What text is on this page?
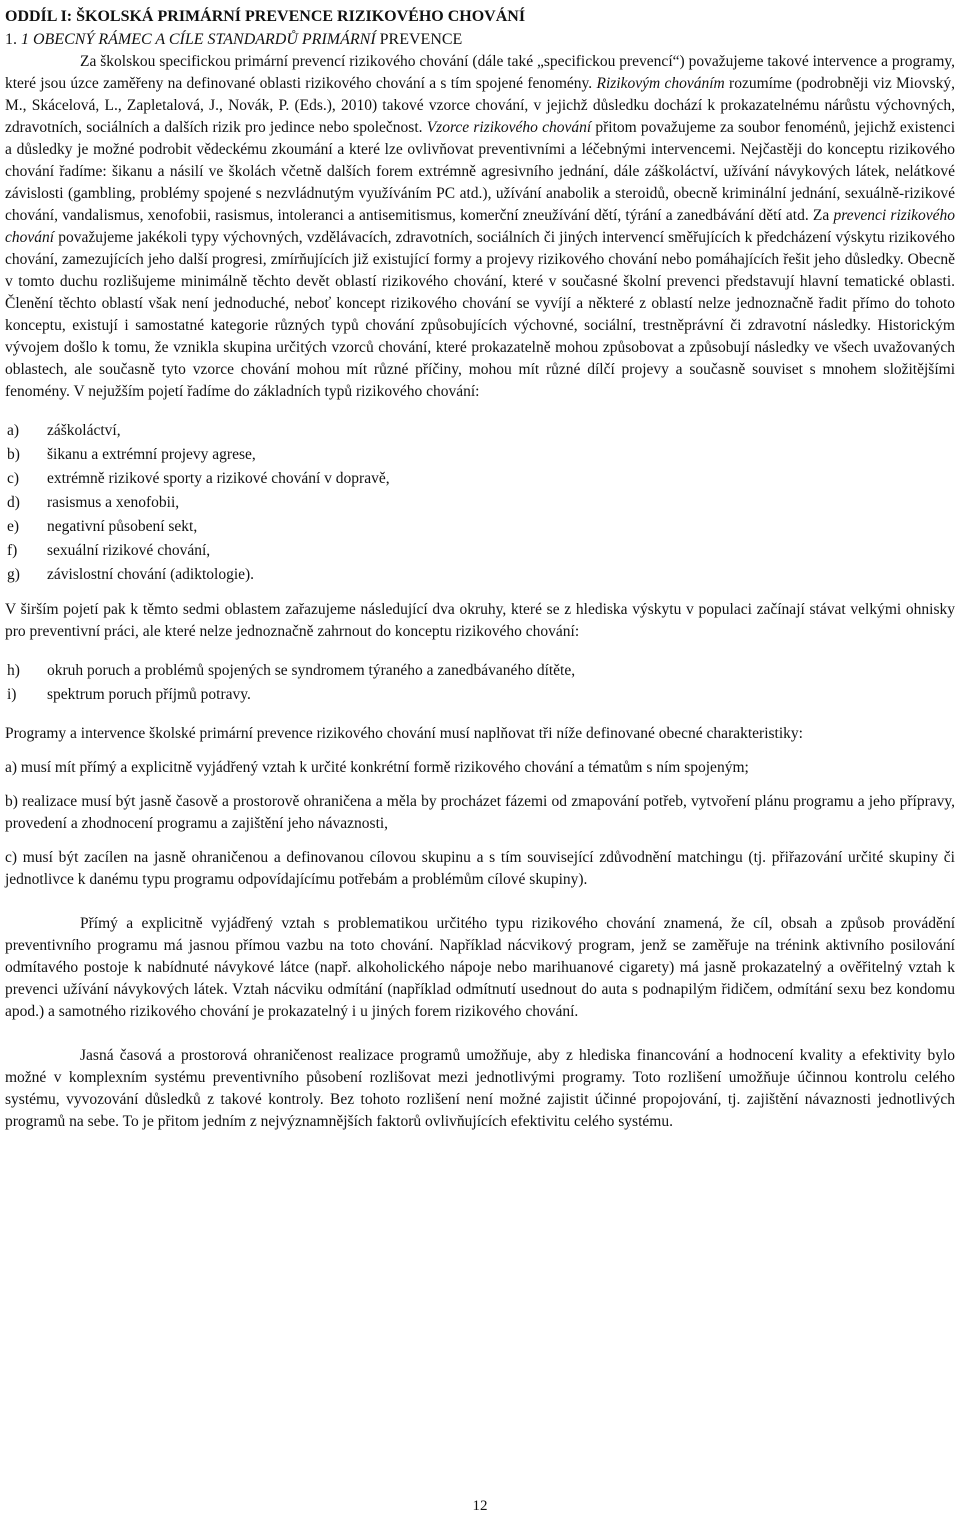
ODDÍL I: ŠKOLSKÁ PRIMÁRNÍ PREVENCE RIZIKOVÉHO CHOVÁNÍ
1. 1 OBECNÝ RÁMEC A CÍLE STANDARDŮ PRIMÁRNÍ PREVENCE

Za školskou specifickou primární prevencí rizikového chování (dále také „specifickou prevencí“) považujeme takové intervence a programy, které jsou úzce zaměřeny na definované oblasti rizikového chování a s tím spojené fenomény. Rizikovým chováním rozumíme (podrobněji viz Miovský, M., Skácelová, L., Zapletalová, J., Novák, P. (Eds.), 2010) takové vzorce chování, v jejichž důsledku dochází k prokazatelnému nárůstu výchovných, zdravotních, sociálních a dalších rizik pro jedince nebo společnost. Vzorce rizikového chování přitom považujeme za soubor fenoménů, jejichž existenci a důsledky je možné podrobit vědeckému zkoumání a které lze ovlivňovat preventivními a léčebnými intervencemi. Nejčastěji do konceptu rizikového chování řadíme: šikanu a násilí ve školách včetně dalších forem extrémně agresivního jednání, dále záškoláctví, užívání návykových látek, nelátkové závislosti (gambling, problémy spojené s nezvládnutým využíváním PC atd.), užívání anabolik a steroidů, obecně kriminální jednání, sexuálně-rizikové chování, vandalismus, xenofobii, rasismus, intoleranci a antisemitismus, komerční zneužívání dětí, týrání a zanedbávání dětí atd. Za prevenci rizikového chování považujeme jakékoli typy výchovných, vzdělávacích, zdravotních, sociálních či jiných intervencí směřujících k předcházení výskytu rizikového chování, zamezujících jeho další progresi, zmírňujících již existující formy a projevy rizikového chování nebo pomáhajících řešit jeho důsledky. Obecně v tomto duchu rozlišujeme minimálně těchto devět oblastí rizikového chování, které v současné školní prevenci představují hlavní tematické oblasti. Členění těchto oblastí však není jednoduché, neboť koncept rizikového chování se vyvíjí a některé z oblastí nelze jednoznačně řadit přímo do tohoto konceptu, existují i samostatné kategorie různých typů chování způsobujících výchovné, sociální, trestněprávní či zdravotní následky. Historickým vývojem došlo k tomu, že vznikla skupina určitých vzorců chování, které prokazatelně mohou způsobovat a způsobují následky ve všech uvažovaných oblastech, ale současně tyto vzorce chování mohou mít různé příčiny, mohou mít různé dílčí projevy a současně souviset s mnohem složitějšími fenomény. V nejužším pojetí řadíme do základních typů rizikového chování:

a)	záškoláctví,
b)	šikanu a extrémní projevy agrese,
c)	extrémně rizikové sporty a rizikové chování v dopravě,
d)	rasismus a xenofobii,
e)	negativní působení sekt,
f)	sexuální rizikové chování,
g)	závislostní chování (adiktologie).

V širším pojetí pak k těmto sedmi oblastem zařazujeme následující dva okruhy, které se z hlediska výskytu v populaci začínají stávat velkými ohnisky pro preventivní práci, ale které nelze jednoznačně zahrnout do konceptu rizikového chování:

h)	okruh poruch a problémů spojených se syndromem týraného a zanedbávaného dítěte,
i)	spektrum poruch příjmů potravy.

Programy a intervence školské primární prevence rizikového chování musí naplňovat tři níže definované obecné charakteristiky:

a) musí mít přímý a explicitně vyjádřený vztah k určité konkrétní formě rizikového chování a tématům s ním spojeným;

b) realizace musí být jasně časově a prostorově ohraničena a měla by procházet fázemi od zmapování potřeb, vytvoření plánu programu a jeho přípravy, provedení a zhodnocení programu a zajištění jeho návaznosti,

c) musí být zacílen na jasně ohraničenou a definovanou cílovou skupinu a s tím související zdůvodnění matchingu (tj. přiřazování určité skupiny či jednotlivce k danému typu programu odpovídajícímu potřebám a problémům cílové skupiny).

Přímý a explicitně vyjádřený vztah s problematikou určitého typu rizikového chování znamená, že cíl, obsah a způsob provádění preventivního programu má jasnou přímou vazbu na toto chování. Například nácvikový program, jenž se zaměřuje na trénink aktivního posilování odmítavého postoje k nabídnuté návykové látce (např. alkoholického nápoje nebo marihuanové cigarety) má jasně prokazatelný a ověřitelný vztah k prevenci užívání návykových látek. Vztah nácviku odmítání (například odmítnutí usednout do auta s podnapilým řidičem, odmítání sexu bez kondomu apod.) a samotného rizikového chování je prokazatelný i u jiných forem rizikového chování.

Jasná časová a prostorová ohraničenost realizace programů umožňuje, aby z hlediska financování a hodnocení kvality a efektivity bylo možné v komplexním systému preventivního působení rozlišovat mezi jednotlivými programy. Toto rozlišení umožňuje účinnou kontrolu celého systému, vyvozování důsledků z takové kontroly. Bez tohoto rozlišení není možné zajistit účinné propojování, tj. zajištění návaznosti jednotlivých programů na sebe. To je přitom jedním z nejvýznamnějších faktorů ovlivňujících efektivitu celého systému.

12
